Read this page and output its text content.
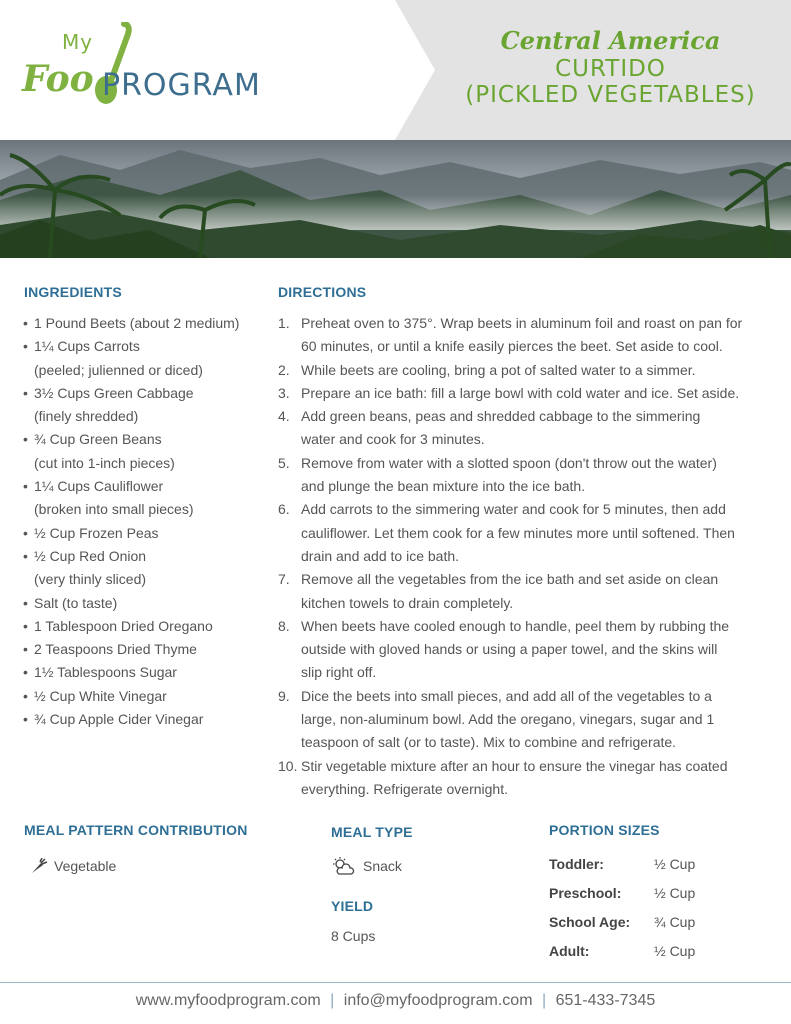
My
Foo PROGRAM
Central America
CURTIDO
(PICKLED VEGETABLES)
INGREDIENTS
• 1 Pound Beets (about 2 medium)
• 1¼ Cups Carrots
(peeled; julienned or diced)
• 3½ Cups Green Cabbage
(finely shredded)
• ¾ Cup Green Beans
(cut into 1-inch pieces)
• 1¼ Cups Cauliflower
(broken into small pieces)
• ½ Cup Frozen Peas
• ½ Cup Red Onion
(very thinly sliced)
• Salt (to taste)
• 1 Tablespoon Dried Oregano
• 2 Teaspoons Dried Thyme
• 1½ Tablespoons Sugar
• ½ Cup White Vinegar
• ¾ Cup Apple Cider Vinegar
DIRECTIONS
1. Preheat oven to 375°. Wrap beets in aluminum foil and roast on pan for
60 minutes, or until a knife easily pierces the beet. Set aside to cool.
2. While beets are cooling, bring a pot of salted water to a simmer.
3. Prepare an ice bath: fill a large bowl with cold water and ice. Set aside.
4. Add green beans, peas and shredded cabbage to the simmering
water and cook for 3 minutes.
5. Remove from water with a slotted spoon (don't throw out the water)
and plunge the bean mixture into the ice bath.
6. Add carrots to the simmering water and cook for 5 minutes, then add
cauliflower. Let them cook for a few minutes more until softened. Then
drain and add to ice bath.
7. Remove all the vegetables from the ice bath and set aside on clean
kitchen towels to drain completely.
8. When beets have cooled enough to handle, peel them by rubbing the
outside with gloved hands or using a paper towel, and the skins will
slip right off.
9. Dice the beets into small pieces, and add all of the vegetables to a
large, non-aluminum bowl. Add the oregano, vinegars, sugar and 1
teaspoon of salt (or to taste). Mix to combine and refrigerate.
10. Stir vegetable mixture after an hour to ensure the vinegar has coated
everything. Refrigerate overnight.
MEAL PATTERN CONTRIBUTION
Vegetable
MEAL TYPE
Snack
YIELD
8 Cups
PORTION SIZES
Toddler:	½ Cup
Preschool: ½ Cup
School Age: ¾ Cup
Adult:	½ Cup
www.myfoodprogram.com | info@myfoodprogram.com | 651-433-7345
